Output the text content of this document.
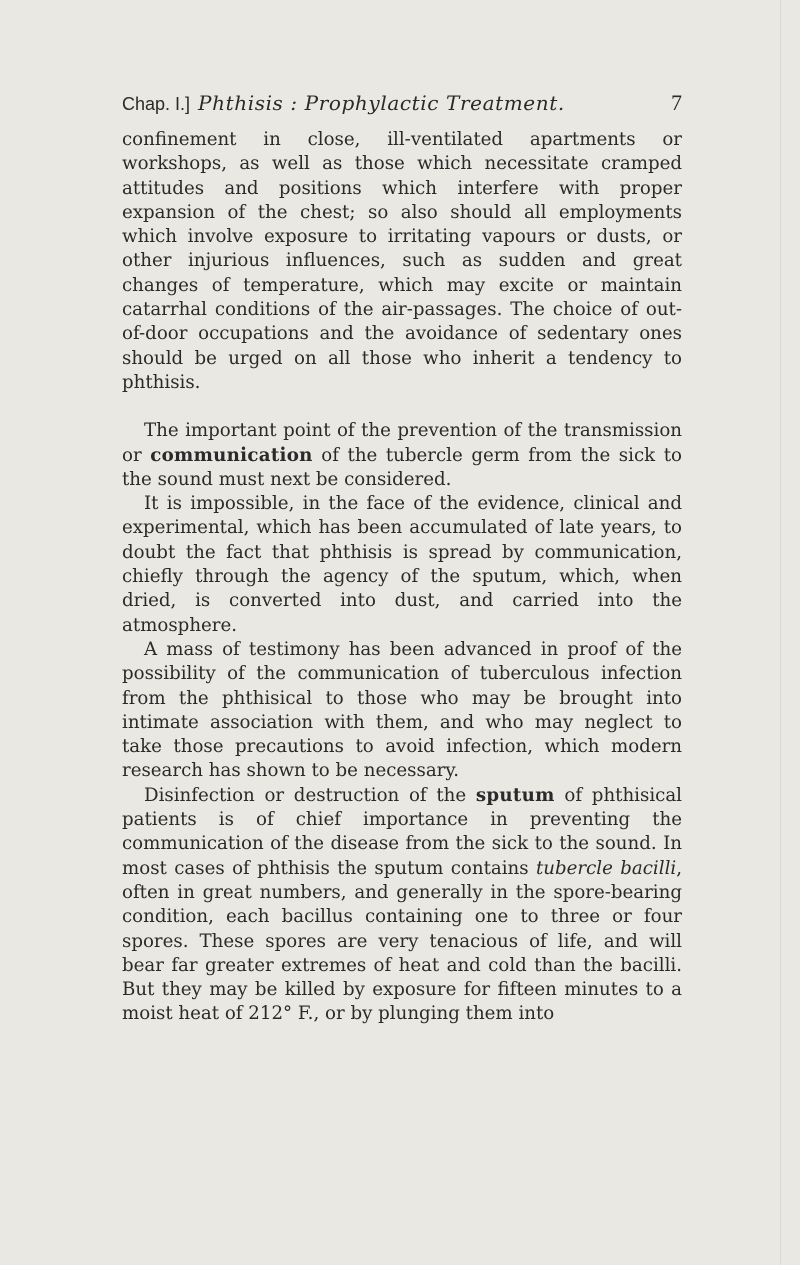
Chap. I.] Phthisis : Prophylactic Treatment.	7

confinement in close, ill-ventilated apartments or workshops, as well as those which necessitate cramped attitudes and positions which interfere with proper expansion of the chest; so also should all employments which involve exposure to irritating vapours or dusts, or other injurious influences, such as sudden and great changes of temperature, which may excite or maintain catarrhal conditions of the air-passages. The choice of out-of-door occupations and the avoidance of sedentary ones should be urged on all those who inherit a tendency to phthisis.

The important point of the prevention of the transmission or communication of the tubercle germ from the sick to the sound must next be considered.

It is impossible, in the face of the evidence, clinical and experimental, which has been accumulated of late years, to doubt the fact that phthisis is spread by communication, chiefly through the agency of the sputum, which, when dried, is converted into dust, and carried into the atmosphere.

A mass of testimony has been advanced in proof of the possibility of the communication of tuberculous infection from the phthisical to those who may be brought into intimate association with them, and who may neglect to take those precautions to avoid infection, which modern research has shown to be necessary.

Disinfection or destruction of the sputum of phthisical patients is of chief importance in preventing the communication of the disease from the sick to the sound. In most cases of phthisis the sputum contains tubercle bacilli, often in great numbers, and generally in the spore-bearing condition, each bacillus containing one to three or four spores. These spores are very tenacious of life, and will bear far greater extremes of heat and cold than the bacilli. But they may be killed by exposure for fifteen minutes to a moist heat of 212° F., or by plunging them into
